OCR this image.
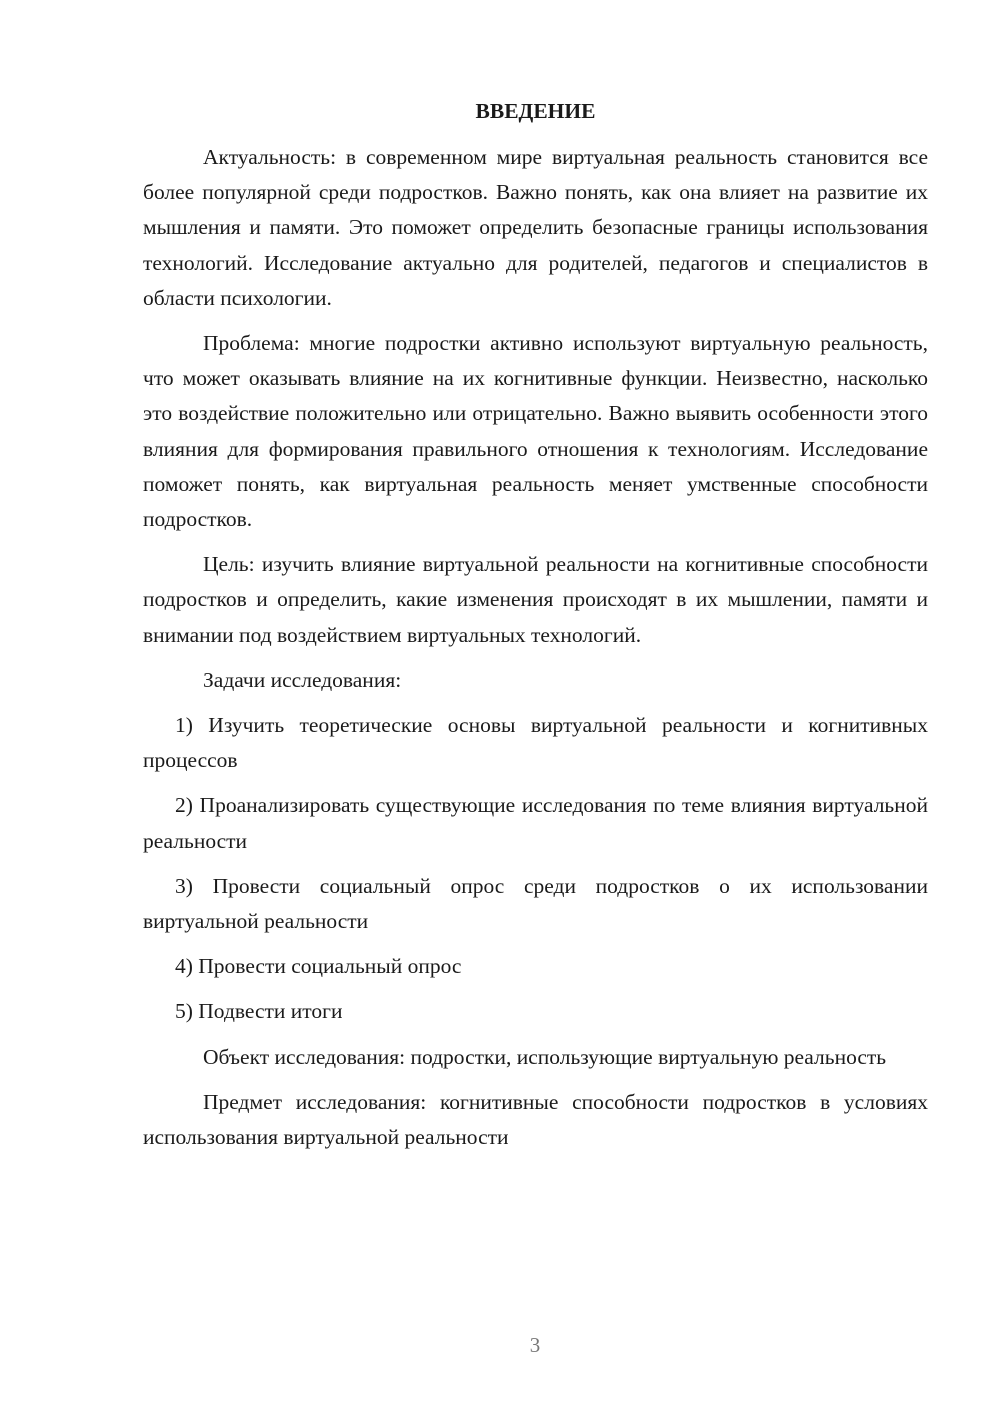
ВВЕДЕНИЕ

Актуальность: в современном мире виртуальная реальность становится все более популярной среди подростков. Важно понять, как она влияет на развитие их мышления и памяти. Это поможет определить безопасные границы использования технологий. Исследование актуально для родителей, педагогов и специалистов в области психологии.

Проблема: многие подростки активно используют виртуальную реальность, что может оказывать влияние на их когнитивные функции. Неизвестно, насколько это воздействие положительно или отрицательно. Важно выявить особенности этого влияния для формирования правильного отношения к технологиям. Исследование поможет понять, как виртуальная реальность меняет умственные способности подростков.

Цель: изучить влияние виртуальной реальности на когнитивные способности подростков и определить, какие изменения происходят в их мышлении, памяти и внимании под воздействием виртуальных технологий.

Задачи исследования:

1) Изучить теоретические основы виртуальной реальности и когнитивных процессов

2) Проанализировать существующие исследования по теме влияния виртуальной реальности

3) Провести социальный опрос среди подростков о их использовании виртуальной реальности

4) Провести социальный опрос

5) Подвести итоги

Объект исследования: подростки, использующие виртуальную реальность

Предмет исследования: когнитивные способности подростков в условиях использования виртуальной реальности

3
